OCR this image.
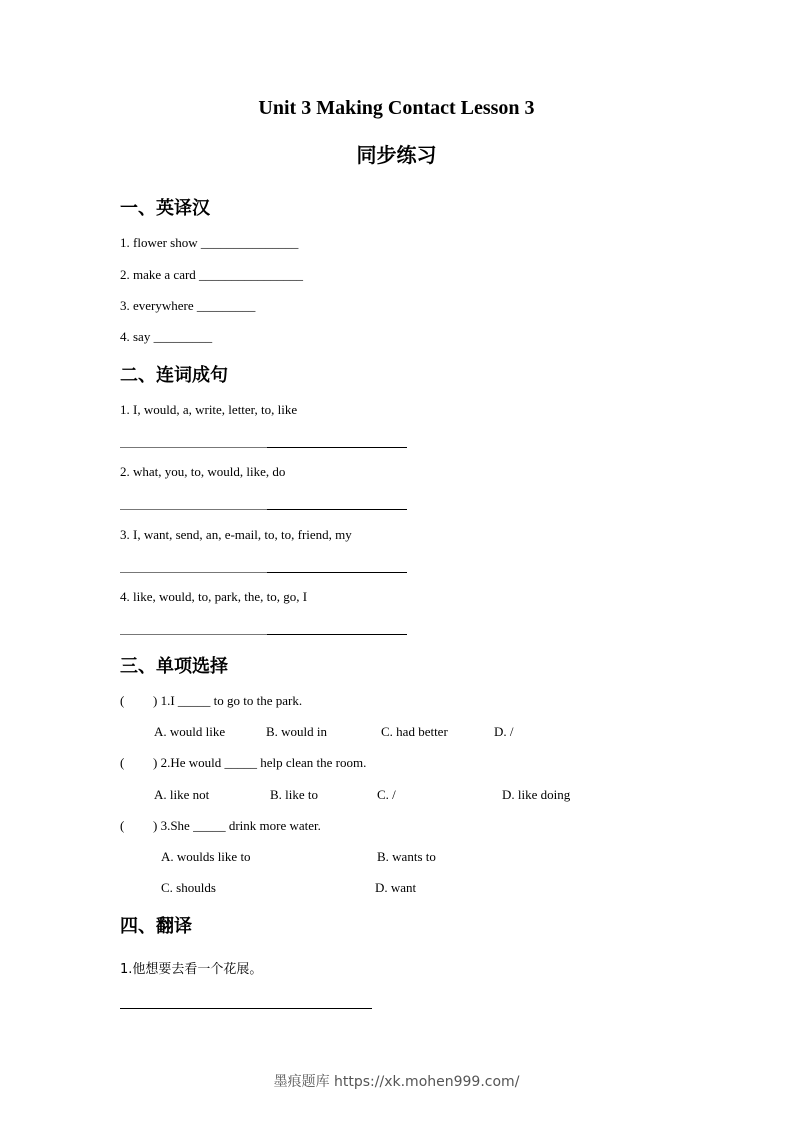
Unit 3 Making Contact Lesson 3
同步练习
一、英译汉
1. flower show _______________
2. make a card ________________
3. everywhere _________
4. say _________
二、连词成句
1. I, would, a, write, letter, to, like
2. what, you, to, would, like, do
3. I, want, send, an, e-mail, to, to, friend, my
4. like, would, to, park, the, to, go, I
三、单项选择
( ) 1.I _____ to go to the park.
A. would like	B. would in	C. had better	D. /
( ) 2.He would _____ help clean the room.
A. like not	B. like to	C. /	D. like doing
( ) 3.She _____ drink more water.
A. woulds like to	B. wants to
C. shoulds	D. want
四、翻译
1.他想要去看一个花展。
墨痕题库 https://xk.mohen999.com/
